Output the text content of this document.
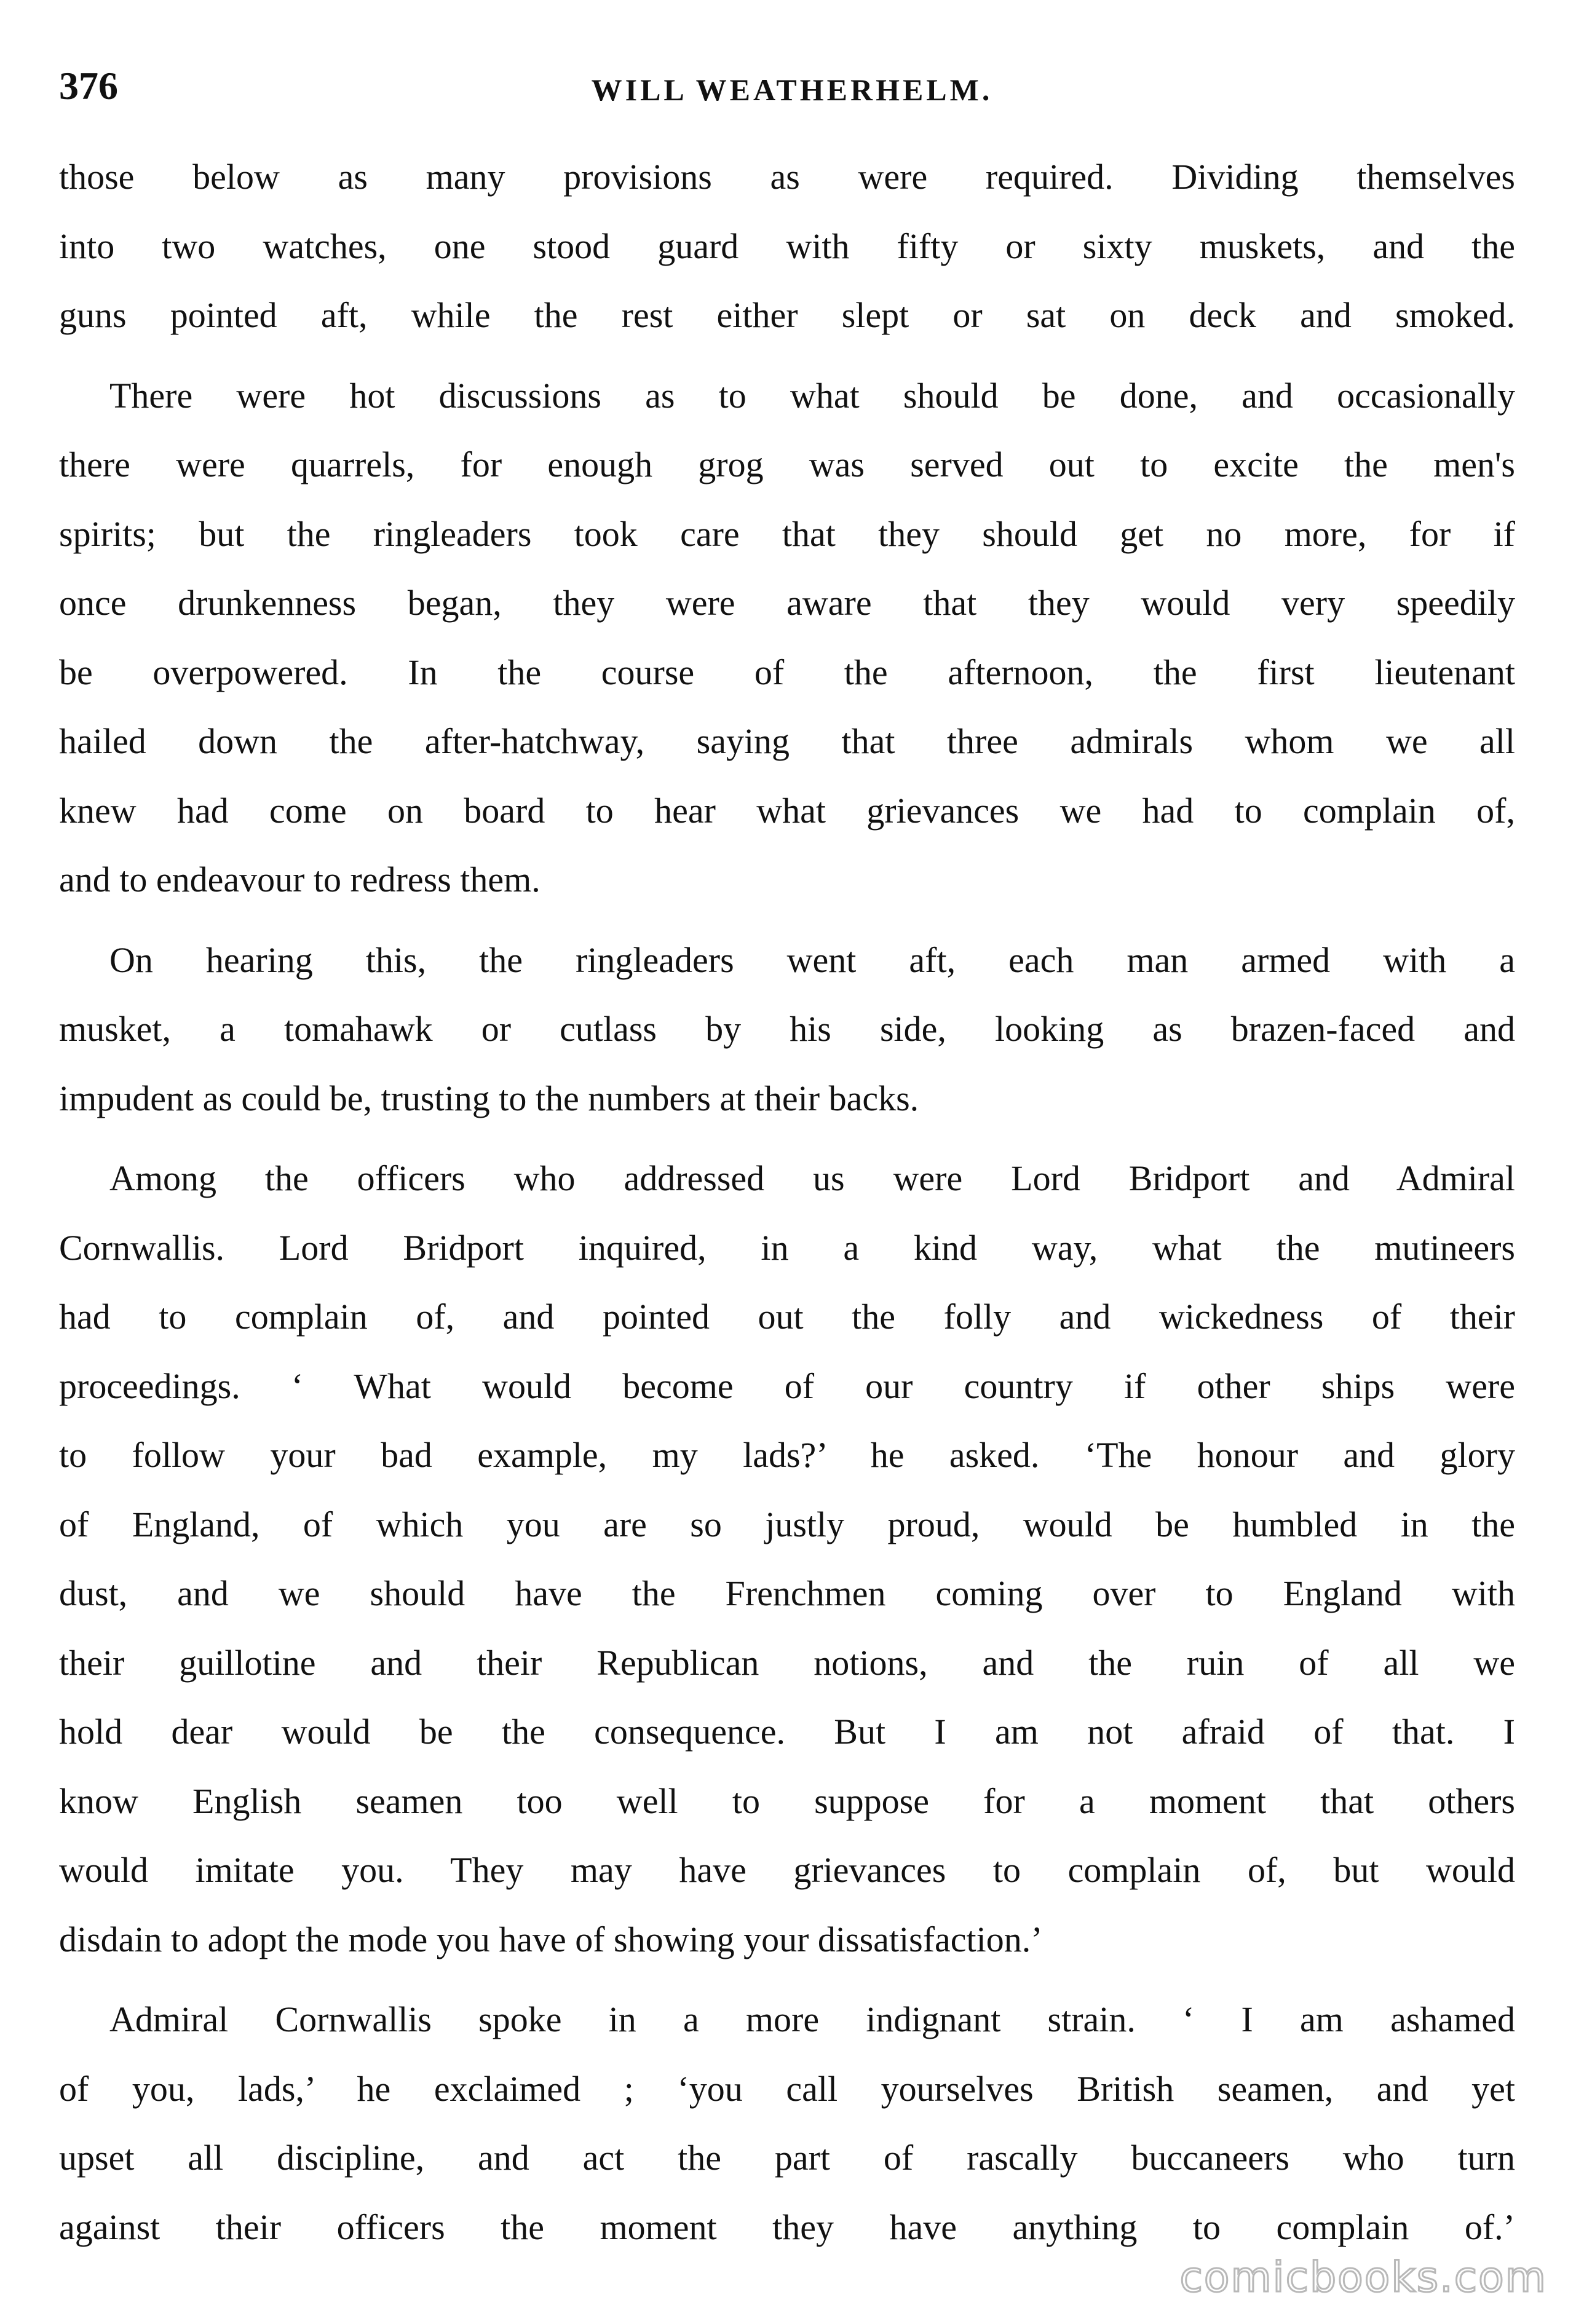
376	WILL WEATHERHELM.

those below as many provisions as were required. Dividing themselves
into two watches, one stood guard with fifty or sixty muskets, and the
guns pointed aft, while the rest either slept or sat on deck and smoked.

There were hot discussions as to what should be done, and occasionally
there were quarrels, for enough grog was served out to excite the men's
spirits; but the ringleaders took care that they should get no more, for if
once drunkenness began, they were aware that they would very speedily
be overpowered. In the course of the afternoon, the first lieutenant
hailed down the after-hatchway, saying that three admirals whom we all
knew had come on board to hear what grievances we had to complain of,
and to endeavour to redress them.

On hearing this, the ringleaders went aft, each man armed with a
musket, a tomahawk or cutlass by his side, looking as brazen-faced and
impudent as could be, trusting to the numbers at their backs.

Among the officers who addressed us were Lord Bridport and Admiral
Cornwallis. Lord Bridport inquired, in a kind way, what the mutineers
had to complain of, and pointed out the folly and wickedness of their
proceedings. ‘ What would become of our country if other ships were
to follow your bad example, my lads?’ he asked. ‘The honour and glory
of England, of which you are so justly proud, would be humbled in the
dust, and we should have the Frenchmen coming over to England with
their guillotine and their Republican notions, and the ruin of all we
hold dear would be the consequence. But I am not afraid of that. I
know English seamen too well to suppose for a moment that others
would imitate you. They may have grievances to complain of, but would
disdain to adopt the mode you have of showing your dissatisfaction.’

Admiral Cornwallis spoke in a more indignant strain. ‘ I am ashamed
of you, lads,’ he exclaimed ; ‘you call yourselves British seamen, and yet
upset all discipline, and act the part of rascally buccaneers who turn
against their officers the moment they have anything to complain of.’

comicbooks.com
